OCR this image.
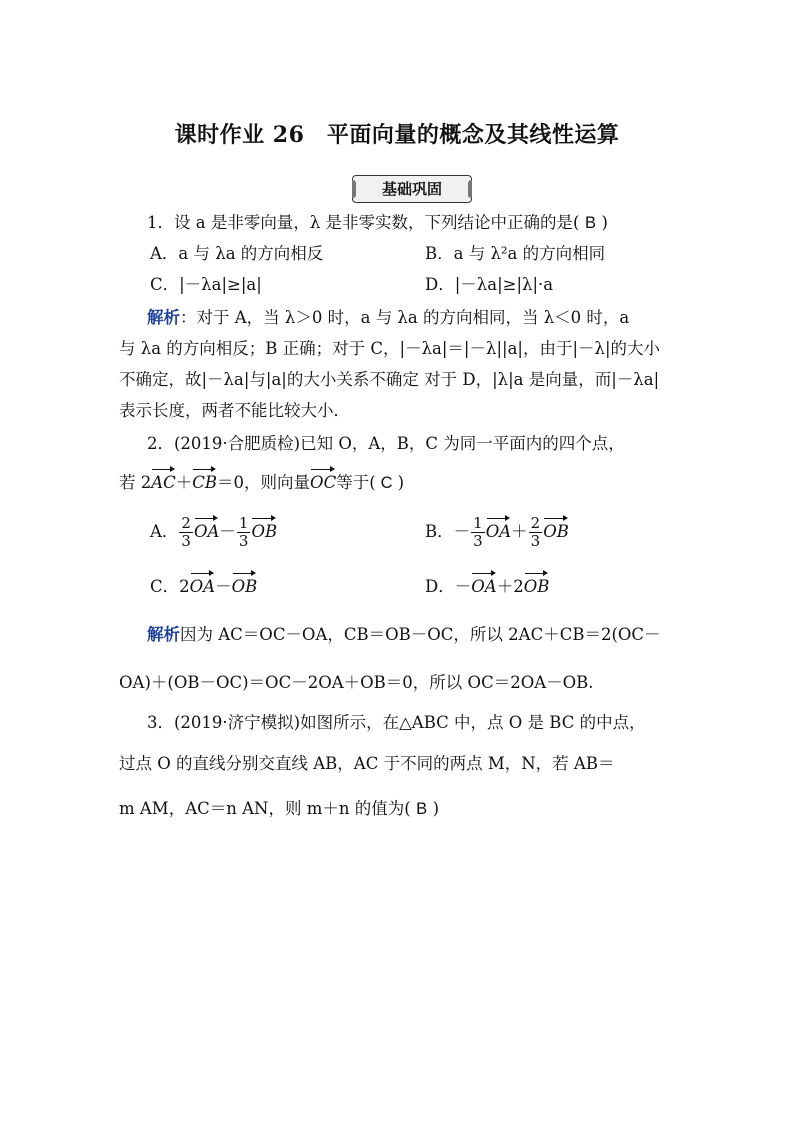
课时作业 26　平面向量的概念及其线性运算
基础巩固
1．设 a 是非零向量，λ 是非零实数，下列结论中正确的是( B )
A．a 与 λa 的方向相反	B．a 与 λ²a 的方向相同
C．|－λa|≥|a|	D．|－λa|≥|λ|·a
解析：对于 A，当 λ＞0 时，a 与 λa 的方向相同，当 λ＜0 时，a
与 λa 的方向相反；B 正确；对于 C，|－λa|＝|－λ||a|，由于|－λ|的大小
不确定，故|－λa|与|a|的大小关系不确定 对于 D，|λ|a 是向量，而|－λa|
表示长度，两者不能比较大小．
2．(2019·合肥质检)已知 O，A，B，C 为同一平面内的四个点，
若 2AC＋CB＝0，则向量OC等于( C )
A． $\frac{2}{3} OA- \frac{1}{3}$ OB	B．－ $\frac{1}{3} OA+ \frac{2}{3}$ OB
C．2OA－OB	D．－OA＋2OB
解析因为 AC＝OC－OA，CB＝OB－OC，所以 2AC＋CB＝2(OC－
OA)＋(OB－OC)＝OC－2OA＋OB＝0，所以 OC＝2OA－OB.
3．(2019·济宁模拟)如图所示，在△ABC 中，点 O 是 BC 的中点，
过点 O 的直线分别交直线 AB，AC 于不同的两点 M，N，若 AB＝
m AM，AC＝n AN，则 m＋n 的值为( B )
